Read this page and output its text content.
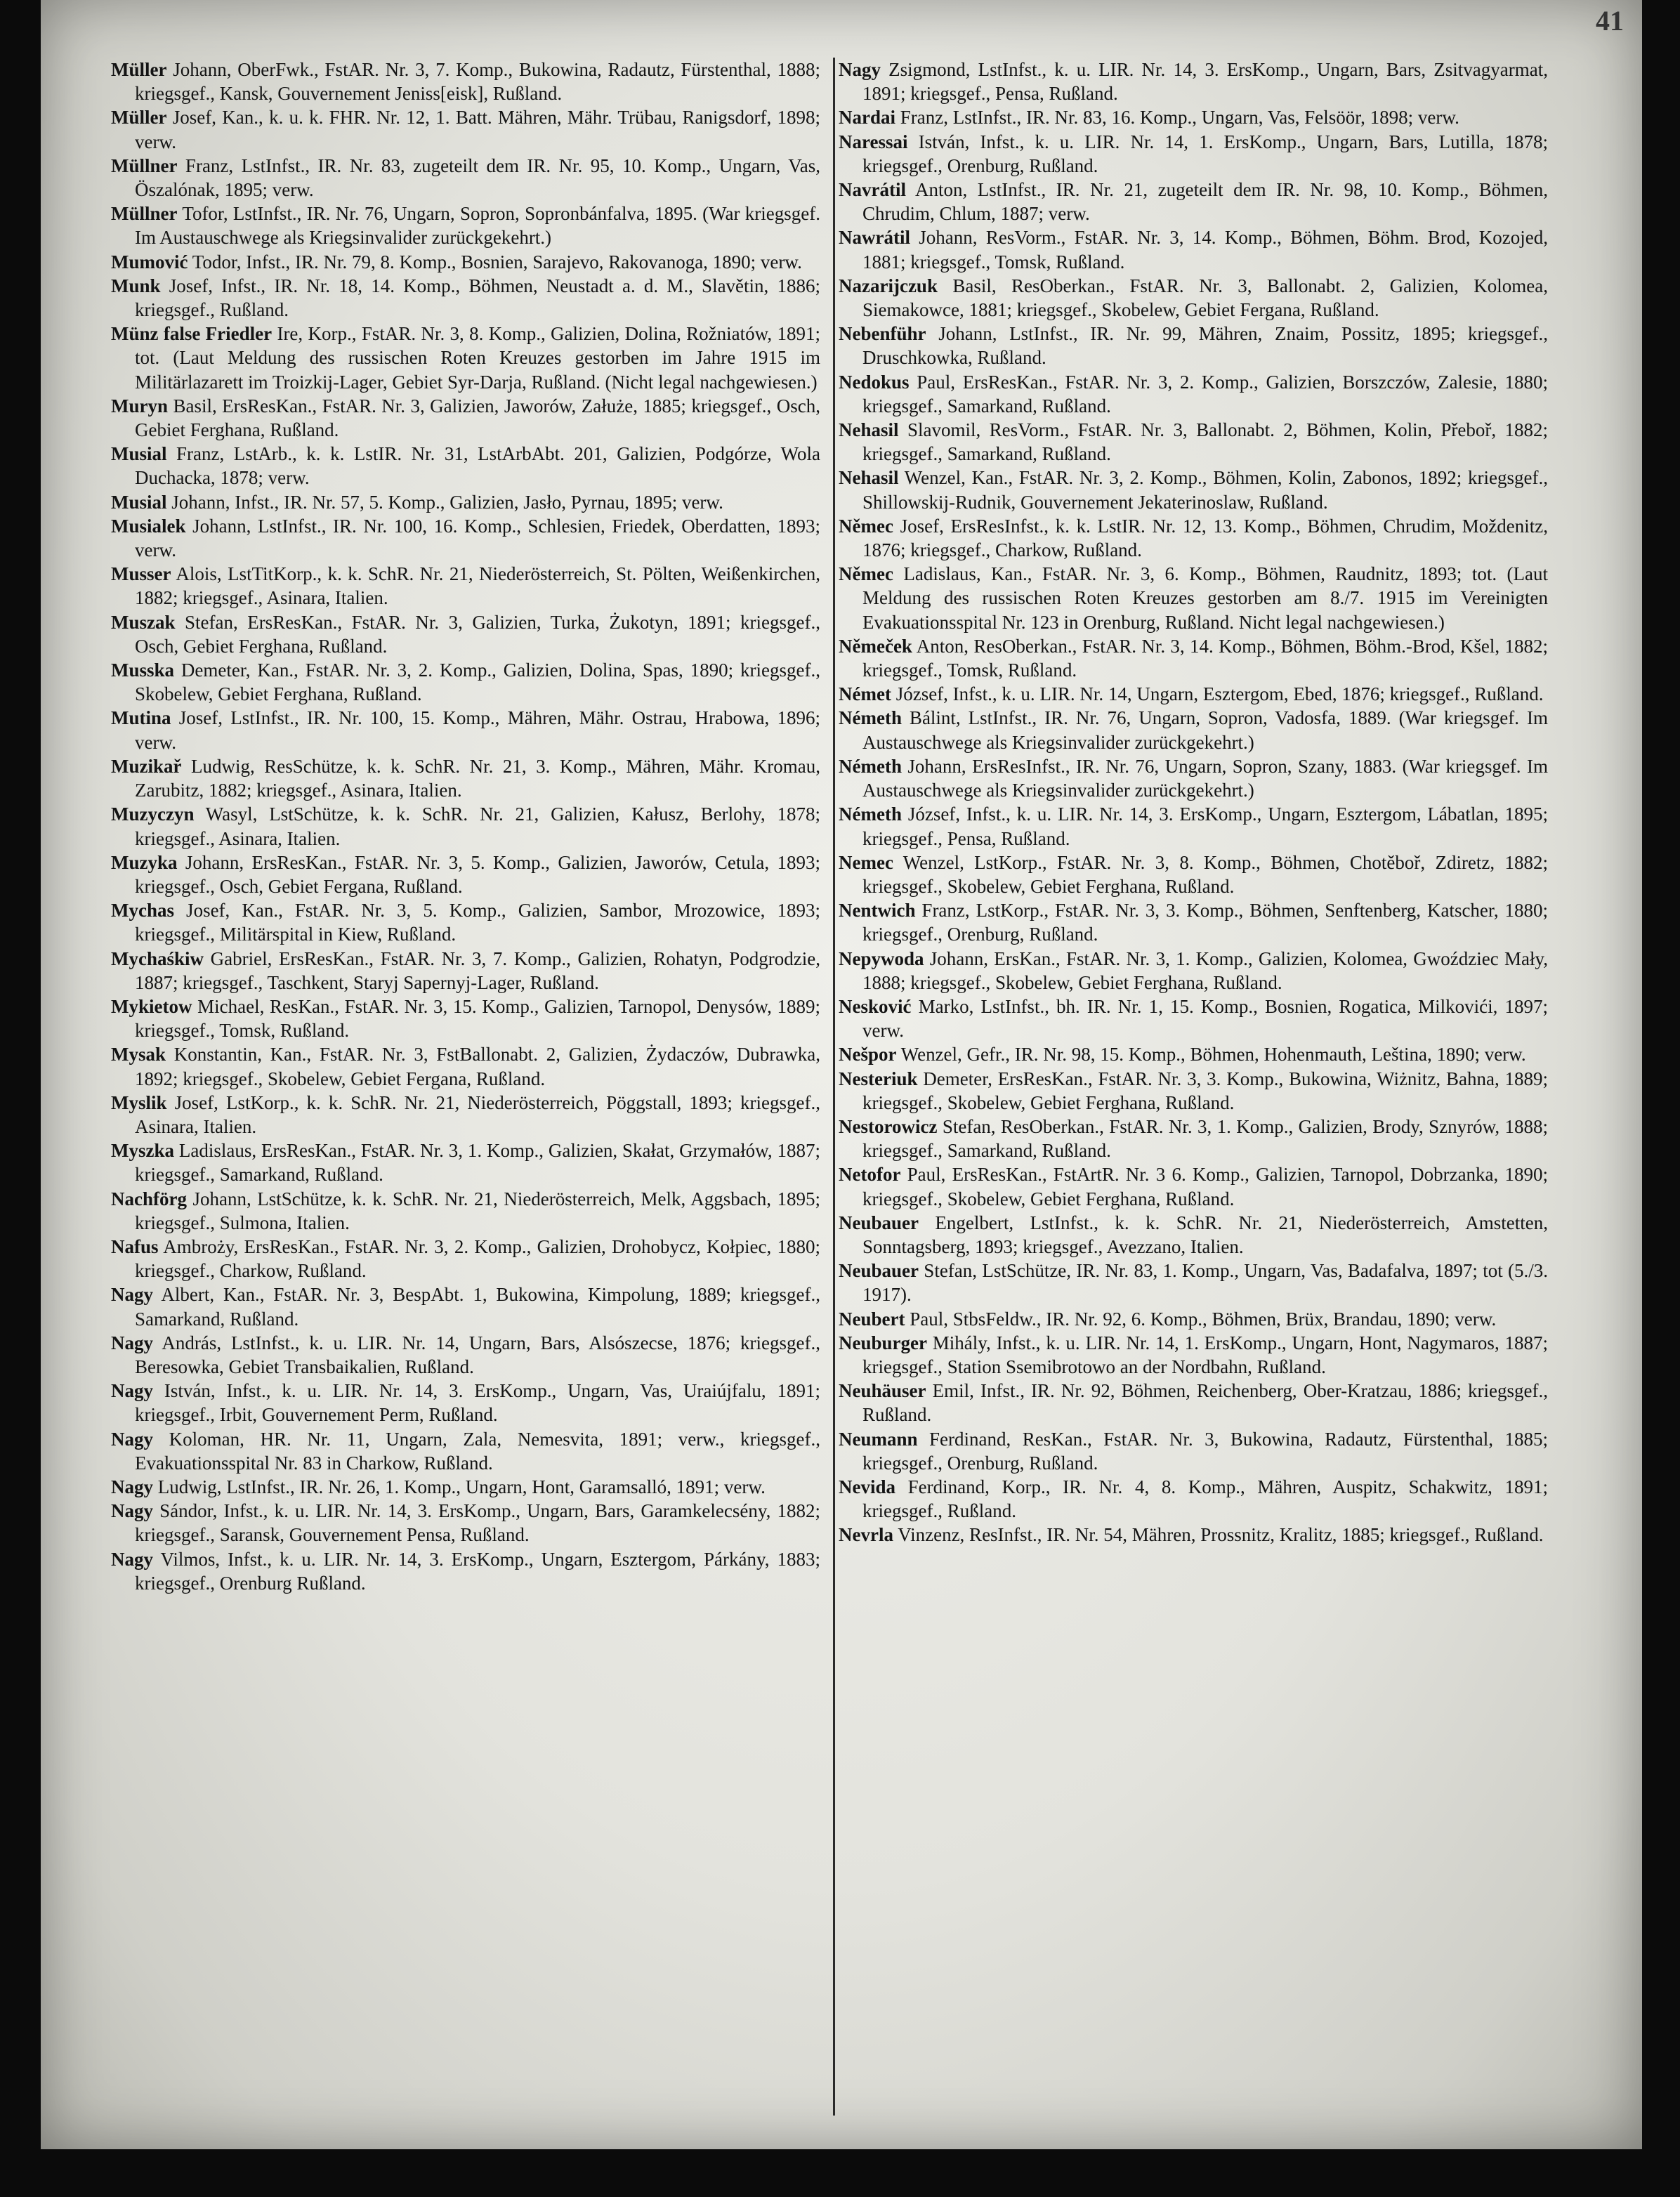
41

Müller Johann, OberFwk., FstAR. Nr. 3, 7. Komp., Bukowina, Radautz, Fürstenthal, 1888; kriegsgef., Kansk, Gouvernement Jeniss[eisk], Rußland.

Müller Josef, Kan., k. u. k. FHR. Nr. 12, 1. Batt. Mähren, Mähr. Trübau, Ranigsdorf, 1898; verw.

Müllner Franz, LstInfst., IR. Nr. 83, zugeteilt dem IR. Nr. 95, 10. Komp., Ungarn, Vas, Öszalónak, 1895; verw.

Müllner Tofor, LstInfst., IR. Nr. 76, Ungarn, Sopron, Sopronbánfalva, 1895. (War kriegsgef. Im Austauschwege als Kriegsinvalider zurückgekehrt.)

Mumović Todor, Infst., IR. Nr. 79, 8. Komp., Bosnien, Sarajevo, Rakovanoga, 1890; verw.

Munk Josef, Infst., IR. Nr. 18, 14. Komp., Böhmen, Neustadt a. d. M., Slavětin, 1886; kriegsgef., Rußland.

Münz false Friedler Ire, Korp., FstAR. Nr. 3, 8. Komp., Galizien, Dolina, Rožniatów, 1891; tot. (Laut Meldung des russischen Roten Kreuzes gestorben im Jahre 1915 im Militärlazarett im Troizkij-Lager, Gebiet Syr-Darja, Rußland. (Nicht legal nachgewiesen.)

Muryn Basil, ErsResKan., FstAR. Nr. 3, Galizien, Jaworów, Załuże, 1885; kriegsgef., Osch, Gebiet Ferghana, Rußland.

Musial Franz, LstArb., k. k. LstIR. Nr. 31, LstArbAbt. 201, Galizien, Podgórze, Wola Duchacka, 1878; verw.

Musial Johann, Infst., IR. Nr. 57, 5. Komp., Galizien, Jasło, Pyrnau, 1895; verw.

Musialek Johann, LstInfst., IR. Nr. 100, 16. Komp., Schlesien, Friedek, Oberdatten, 1893; verw.

Musser Alois, LstTitKorp., k. k. SchR. Nr. 21, Niederösterreich, St. Pölten, Weißenkirchen, 1882; kriegsgef., Asinara, Italien.

Muszak Stefan, ErsResKan., FstAR. Nr. 3, Galizien, Turka, Żukotyn, 1891; kriegsgef., Osch, Gebiet Ferghana, Rußland.

Musska Demeter, Kan., FstAR. Nr. 3, 2. Komp., Galizien, Dolina, Spas, 1890; kriegsgef., Skobelew, Gebiet Ferghana, Rußland.

Mutina Josef, LstInfst., IR. Nr. 100, 15. Komp., Mähren, Mähr. Ostrau, Hrabowa, 1896; verw.

Muzikař Ludwig, ResSchütze, k. k. SchR. Nr. 21, 3. Komp., Mähren, Mähr. Kromau, Zarubitz, 1882; kriegsgef., Asinara, Italien.

Muzyczyn Wasyl, LstSchütze, k. k. SchR. Nr. 21, Galizien, Kałusz, Berlohy, 1878; kriegsgef., Asinara, Italien.

Muzyka Johann, ErsResKan., FstAR. Nr. 3, 5. Komp., Galizien, Jaworów, Cetula, 1893; kriegsgef., Osch, Gebiet Fergana, Rußland.

Mychas Josef, Kan., FstAR. Nr. 3, 5. Komp., Galizien, Sambor, Mrozowice, 1893; kriegsgef., Militärspital in Kiew, Rußland.

Mychaśkiw Gabriel, ErsResKan., FstAR. Nr. 3, 7. Komp., Galizien, Rohatyn, Podgrodzie, 1887; kriegsgef., Taschkent, Staryj Sapernyj-Lager, Rußland.

Mykietow Michael, ResKan., FstAR. Nr. 3, 15. Komp., Galizien, Tarnopol, Denysów, 1889; kriegsgef., Tomsk, Rußland.

Mysak Konstantin, Kan., FstAR. Nr. 3, FstBallonabt. 2, Galizien, Żydaczów, Dubrawka, 1892; kriegsgef., Skobelew, Gebiet Fergana, Rußland.

Myslik Josef, LstKorp., k. k. SchR. Nr. 21, Niederösterreich, Pöggstall, 1893; kriegsgef., Asinara, Italien.

Myszka Ladislaus, ErsResKan., FstAR. Nr. 3, 1. Komp., Galizien, Skałat, Grzymałów, 1887; kriegsgef., Samarkand, Rußland.

Nachförg Johann, LstSchütze, k. k. SchR. Nr. 21, Niederösterreich, Melk, Aggsbach, 1895; kriegsgef., Sulmona, Italien.

Nafus Ambroży, ErsResKan., FstAR. Nr. 3, 2. Komp., Galizien, Drohobycz, Kołpiec, 1880; kriegsgef., Charkow, Rußland.

Nagy Albert, Kan., FstAR. Nr. 3, BespAbt. 1, Bukowina, Kimpolung, 1889; kriegsgef., Samarkand, Rußland.

Nagy András, LstInfst., k. u. LIR. Nr. 14, Ungarn, Bars, Alsószecse, 1876; kriegsgef., Beresowka, Gebiet Transbaikalien, Rußland.

Nagy István, Infst., k. u. LIR. Nr. 14, 3. ErsKomp., Ungarn, Vas, Uraiújfalu, 1891; kriegsgef., Irbit, Gouvernement Perm, Rußland.

Nagy Koloman, HR. Nr. 11, Ungarn, Zala, Nemesvita, 1891; verw., kriegsgef., Evakuationsspital Nr. 83 in Charkow, Rußland.

Nagy Ludwig, LstInfst., IR. Nr. 26, 1. Komp., Ungarn, Hont, Garamsalló, 1891; verw.

Nagy Sándor, Infst., k. u. LIR. Nr. 14, 3. ErsKomp., Ungarn, Bars, Garamkelecsény, 1882; kriegsgef., Saransk, Gouvernement Pensa, Rußland.

Nagy Vilmos, Infst., k. u. LIR. Nr. 14, 3. ErsKomp., Ungarn, Esztergom, Párkány, 1883; kriegsgef., Orenburg Rußland.

Nagy Zsigmond, LstInfst., k. u. LIR. Nr. 14, 3. ErsKomp., Ungarn, Bars, Zsitvagyarmat, 1891; kriegsgef., Pensa, Rußland.

Nardai Franz, LstInfst., IR. Nr. 83, 16. Komp., Ungarn, Vas, Felsöör, 1898; verw.

Naressai István, Infst., k. u. LIR. Nr. 14, 1. ErsKomp., Ungarn, Bars, Lutilla, 1878; kriegsgef., Orenburg, Rußland.

Navrátil Anton, LstInfst., IR. Nr. 21, zugeteilt dem IR. Nr. 98, 10. Komp., Böhmen, Chrudim, Chlum, 1887; verw.

Nawrátil Johann, ResVorm., FstAR. Nr. 3, 14. Komp., Böhmen, Böhm. Brod, Kozojed, 1881; kriegsgef., Tomsk, Rußland.

Nazarijczuk Basil, ResOberkan., FstAR. Nr. 3, Ballonabt. 2, Galizien, Kolomea, Siemakowce, 1881; kriegsgef., Skobelew, Gebiet Fergana, Rußland.

Nebenführ Johann, LstInfst., IR. Nr. 99, Mähren, Znaim, Possitz, 1895; kriegsgef., Druschkowka, Rußland.

Nedokus Paul, ErsResKan., FstAR. Nr. 3, 2. Komp., Galizien, Borszczów, Zalesie, 1880; kriegsgef., Samarkand, Rußland.

Nehasil Slavomil, ResVorm., FstAR. Nr. 3, Ballonabt. 2, Böhmen, Kolin, Přeboř, 1882; kriegsgef., Samarkand, Rußland.

Nehasil Wenzel, Kan., FstAR. Nr. 3, 2. Komp., Böhmen, Kolin, Zabonos, 1892; kriegsgef., Shillowskij-Rudnik, Gouvernement Jekaterinoslaw, Rußland.

Němec Josef, ErsResInfst., k. k. LstIR. Nr. 12, 13. Komp., Böhmen, Chrudim, Moždenitz, 1876; kriegsgef., Charkow, Rußland.

Němec Ladislaus, Kan., FstAR. Nr. 3, 6. Komp., Böhmen, Raudnitz, 1893; tot. (Laut Meldung des russischen Roten Kreuzes gestorben am 8./7. 1915 im Vereinigten Evakuationsspital Nr. 123 in Orenburg, Rußland. Nicht legal nachgewiesen.)

Němeček Anton, ResOberkan., FstAR. Nr. 3, 14. Komp., Böhmen, Böhm.-Brod, Kšel, 1882; kriegsgef., Tomsk, Rußland.

Német József, Infst., k. u. LIR. Nr. 14, Ungarn, Esztergom, Ebed, 1876; kriegsgef., Rußland.

Németh Bálint, LstInfst., IR. Nr. 76, Ungarn, Sopron, Vadosfa, 1889. (War kriegsgef. Im Austauschwege als Kriegsinvalider zurückgekehrt.)

Németh Johann, ErsResInfst., IR. Nr. 76, Ungarn, Sopron, Szany, 1883. (War kriegsgef. Im Austauschwege als Kriegsinvalider zurückgekehrt.)

Németh József, Infst., k. u. LIR. Nr. 14, 3. ErsKomp., Ungarn, Esztergom, Lábatlan, 1895; kriegsgef., Pensa, Rußland.

Nemec Wenzel, LstKorp., FstAR. Nr. 3, 8. Komp., Böhmen, Chotěboř, Zdiretz, 1882; kriegsgef., Skobelew, Gebiet Ferghana, Rußland.

Nentwich Franz, LstKorp., FstAR. Nr. 3, 3. Komp., Böhmen, Senftenberg, Katscher, 1880; kriegsgef., Orenburg, Rußland.

Nepywoda Johann, ErsKan., FstAR. Nr. 3, 1. Komp., Galizien, Kolomea, Gwoździec Mały, 1888; kriegsgef., Skobelew, Gebiet Ferghana, Rußland.

Nesković Marko, LstInfst., bh. IR. Nr. 1, 15. Komp., Bosnien, Rogatica, Milkovići, 1897; verw.

Nešpor Wenzel, Gefr., IR. Nr. 98, 15. Komp., Böhmen, Hohenmauth, Leština, 1890; verw.

Nesteriuk Demeter, ErsResKan., FstAR. Nr. 3, 3. Komp., Bukowina, Wiżnitz, Bahna, 1889; kriegsgef., Skobelew, Gebiet Ferghana, Rußland.

Nestorowicz Stefan, ResOberkan., FstAR. Nr. 3, 1. Komp., Galizien, Brody, Sznyrów, 1888; kriegsgef., Samarkand, Rußland.

Netofor Paul, ErsResKan., FstArtR. Nr. 3 6. Komp., Galizien, Tarnopol, Dobrzanka, 1890; kriegsgef., Skobelew, Gebiet Ferghana, Rußland.

Neubauer Engelbert, LstInfst., k. k. SchR. Nr. 21, Niederösterreich, Amstetten, Sonntagsberg, 1893; kriegsgef., Avezzano, Italien.

Neubauer Stefan, LstSchütze, IR. Nr. 83, 1. Komp., Ungarn, Vas, Badafalva, 1897; tot (5./3. 1917).

Neubert Paul, StbsFeldw., IR. Nr. 92, 6. Komp., Böhmen, Brüx, Brandau, 1890; verw.

Neuburger Mihály, Infst., k. u. LIR. Nr. 14, 1. ErsKomp., Ungarn, Hont, Nagymaros, 1887; kriegsgef., Station Ssemibrotowo an der Nordbahn, Rußland.

Neuhäuser Emil, Infst., IR. Nr. 92, Böhmen, Reichenberg, Ober-Kratzau, 1886; kriegsgef., Rußland.

Neumann Ferdinand, ResKan., FstAR. Nr. 3, Bukowina, Radautz, Fürstenthal, 1885; kriegsgef., Orenburg, Rußland.

Nevida Ferdinand, Korp., IR. Nr. 4, 8. Komp., Mähren, Auspitz, Schakwitz, 1891; kriegsgef., Rußland.

Nevrla Vinzenz, ResInfst., IR. Nr. 54, Mähren, Prossnitz, Kralitz, 1885; kriegsgef., Rußland.
